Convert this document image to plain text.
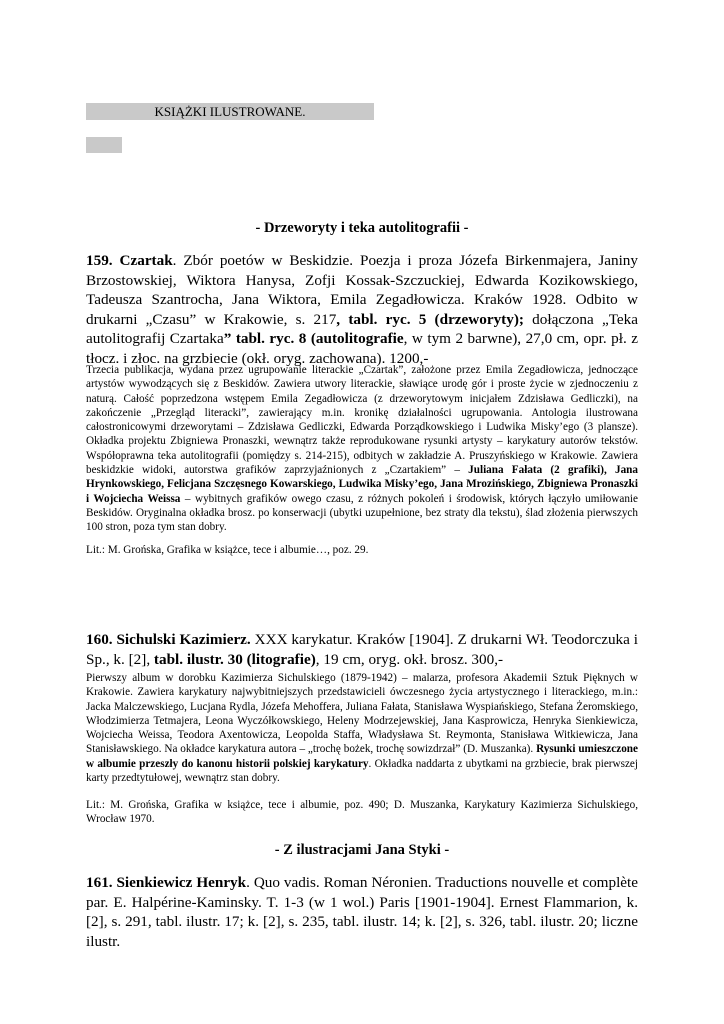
KSIĄŻKI ILUSTROWANE.
- Drzeworyty i teka autolitografii -
159. Czartak. Zbór poetów w Beskidzie. Poezja i proza Józefa Birkenmajera, Janiny Brzostowskiej, Wiktora Hanysa, Zofji Kossak-Szczuckiej, Edwarda Kozikowskiego, Tadeusza Szantrocha, Jana Wiktora, Emila Zegadłowicza. Kraków 1928. Odbito w drukarni „Czasu” w Krakowie, s. 217, tabl. ryc. 5 (drzeworyty); dołączona „Teka autolitografij Czartaka” tabl. ryc. 8 (autolitografie, w tym 2 barwne), 27,0 cm, opr. pł. z tłocz. i złoc. na grzbiecie (okł. oryg. zachowana). 1200,-
Trzecia publikacja, wydana przez ugrupowanie literackie „Czartak”, założone przez Emila Zegadłowicza, jednoczące artystów wywodzących się z Beskidów. Zawiera utwory literackie, sławiące urodę gór i proste życie w zjednoczeniu z naturą. Całość poprzedzona wstępem Emila Zegadłowicza (z drzeworytowym inicjałem Zdzisława Gedliczki), na zakończenie „Przegląd literacki”, zawierający m.in. kronikę działalności ugrupowania. Antologia ilustrowana całostronicowymi drzeworytami – Zdzisława Gedliczki, Edwarda Porządkowskiego i Ludwika Misky’ego (3 plansze). Okładka projektu Zbigniewa Pronaszki, wewnątrz także reprodukowane rysunki artysty – karykatury autorów tekstów. Współoprawna teka autolitografii (pomiędzy s. 214-215), odbitych w zakładzie A. Pruszyńskiego w Krakowie. Zawiera beskidzkie widoki, autorstwa grafików zaprzyjaźnionych z „Czartakiem” – Juliana Fałata (2 grafiki), Jana Hrynkowskiego, Felicjana Szczęsnego Kowarskiego, Ludwika Misky’ego, Jana Mrozińskiego, Zbigniewa Pronaszki i Wojciecha Weissa – wybitnych grafików owego czasu, z różnych pokoleń i środowisk, których łączyło umiłowanie Beskidów. Oryginalna okładka brosz. po konserwacji (ubytki uzupełnione, bez straty dla tekstu), ślad złożenia pierwszych 100 stron, poza tym stan dobry.
Lit.: M. Grońska, Grafika w książce, tece i albumie…, poz. 29.
160. Sichulski Kazimierz. XXX karykatur. Kraków [1904]. Z drukarni Wł. Teodorczuka i Sp., k. [2], tabl. ilustr. 30 (litografie), 19 cm, oryg. okł. brosz. 300,-
Pierwszy album w dorobku Kazimierza Sichulskiego (1879-1942) – malarza, profesora Akademii Sztuk Pięknych w Krakowie. Zawiera karykatury najwybitniejszych przedstawicieli ówczesnego życia artystycznego i literackiego, m.in.: Jacka Malczewskiego, Lucjana Rydla, Józefa Mehoffera, Juliana Fałata, Stanisława Wyspiańskiego, Stefana Żeromskiego, Włodzimierza Tetmajera, Leona Wyczółkowskiego, Heleny Modrzejewskiej, Jana Kasprowicza, Henryka Sienkiewicza, Wojciecha Weissa, Teodora Axentowicza, Leopolda Staffa, Władysława St. Reymonta, Stanisława Witkiewicza, Jana Stanisławskiego. Na okładce karykatura autora – „trochę bożek, trochę sowizdrzał” (D. Muszanka). Rysunki umieszczone w albumie przeszły do kanonu historii polskiej karykatury. Okładka naddarta z ubytkami na grzbiecie, brak pierwszej karty przedtytułowej, wewnątrz stan dobry.
Lit.: M. Grońska, Grafika w książce, tece i albumie, poz. 490; D. Muszanka, Karykatury Kazimierza Sichulskiego, Wrocław 1970.
- Z ilustracjami Jana Styki -
161. Sienkiewicz Henryk. Quo vadis. Roman Néronien. Traductions nouvelle et complète par. E. Halpérine-Kaminsky. T. 1-3 (w 1 wol.) Paris [1901-1904]. Ernest Flammarion, k. [2], s. 291, tabl. ilustr. 17; k. [2], s. 235, tabl. ilustr. 14; k. [2], s. 326, tabl. ilustr. 20; liczne ilustr.
